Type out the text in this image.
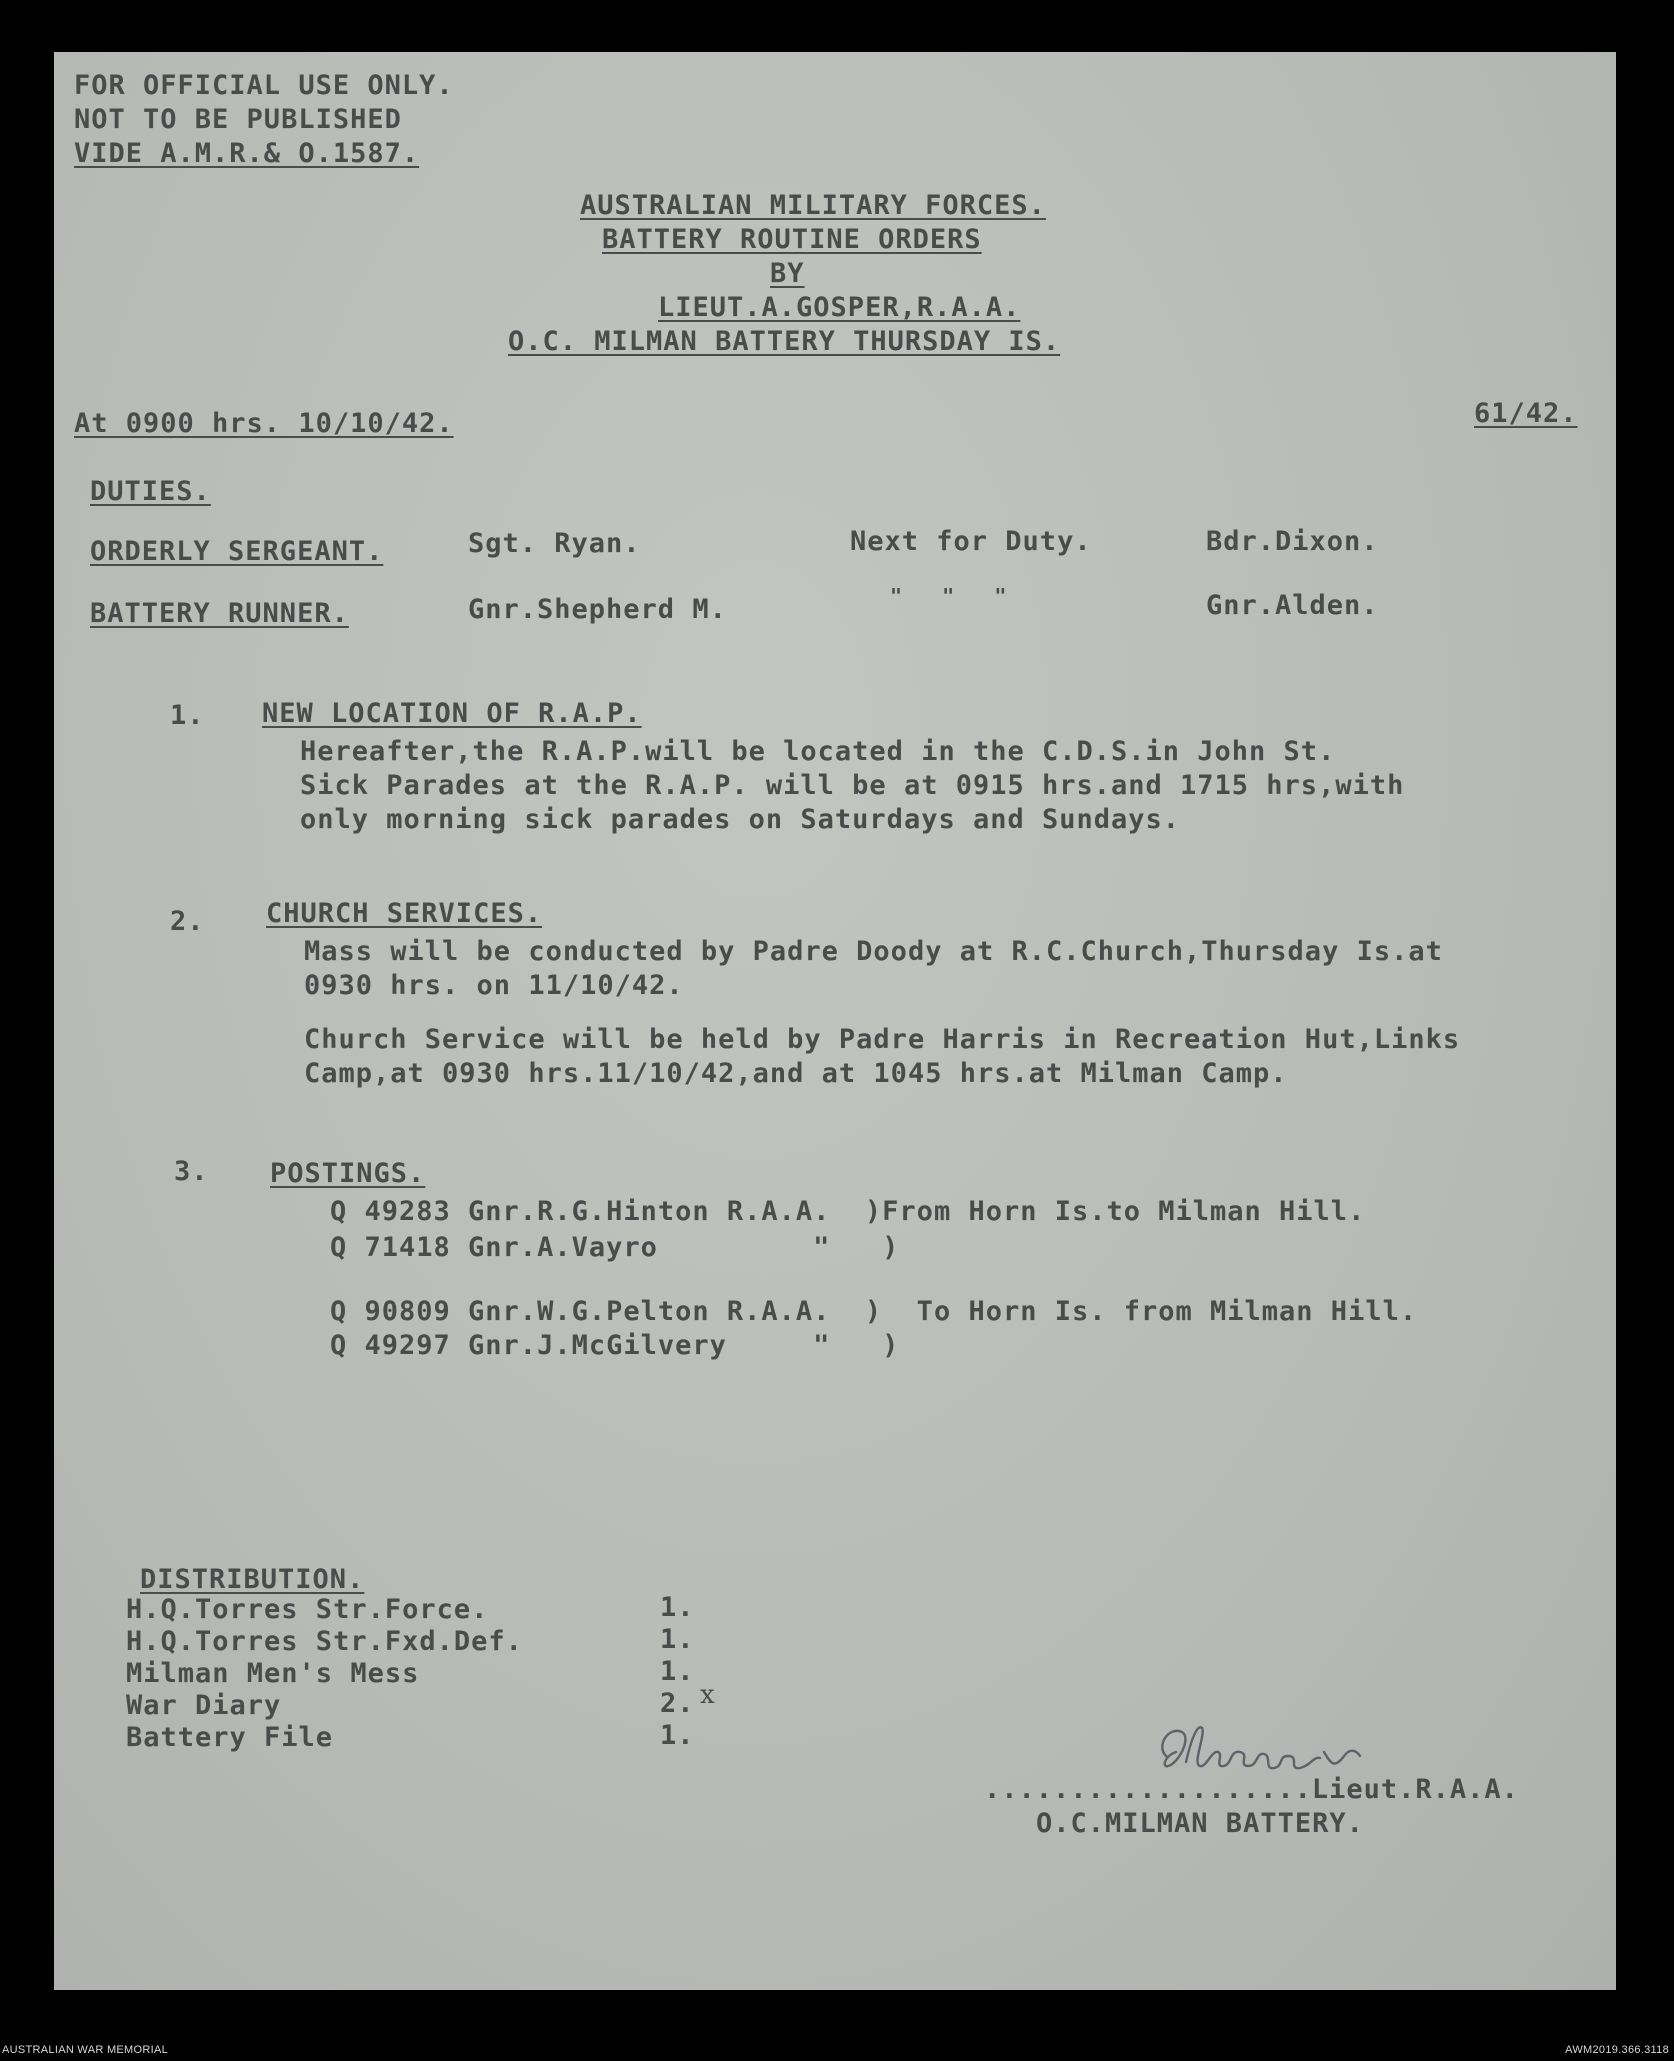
FOR OFFICIAL USE ONLY.
NOT TO BE PUBLISHED
VIDE A.M.R.& O.1587.
AUSTRALIAN MILITARY FORCES.
BATTERY ROUTINE ORDERS
BY
LIEUT.A.GOSPER,R.A.A.
O.C. MILMAN BATTERY THURSDAY IS.
At 0900 hrs. 10/10/42.	61/42.
DUTIES.
ORDERLY SERGEANT.	Sgt. Ryan.	Next for Duty.	Bdr.Dixon.
BATTERY RUNNER.	Gnr.Shepherd M.	"   "   "	Gnr.Alden.
1. NEW LOCATION OF R.A.P.
Hereafter,the R.A.P.will be located in the C.D.S.in John St.
Sick Parades at the R.A.P. will be at 0915 hrs.and 1715 hrs,with
only morning sick parades on Saturdays and Sundays.
2. CHURCH SERVICES.
Mass will be conducted by Padre Doody at R.C.Church,Thursday Is.at
0930 hrs. on 11/10/42.
Church Service will be held by Padre Harris in Recreation Hut,Links
Camp,at 0930 hrs.11/10/42,and at 1045 hrs.at Milman Camp.
3. POSTINGS.
Q 49283 Gnr.R.G.Hinton R.A.A.  )From Horn Is.to Milman Hill.
Q 71418 Gnr.A.Vayro         "   )
Q 90809 Gnr.W.G.Pelton R.A.A.  )  To Horn Is. from Milman Hill.
Q 49297 Gnr.J.McGilvery     "   )
DISTRIBUTION.
H.Q.Torres Str.Force.	1.
H.Q.Torres Str.Fxd.Def.	1.
Milman Men's Mess	1.
War Diary	2. x
Battery File	1.
...................Lieut.R.A.A.
O.C.MILMAN BATTERY.
AUSTRALIAN WAR MEMORIAL	AWM2019.366.3118
